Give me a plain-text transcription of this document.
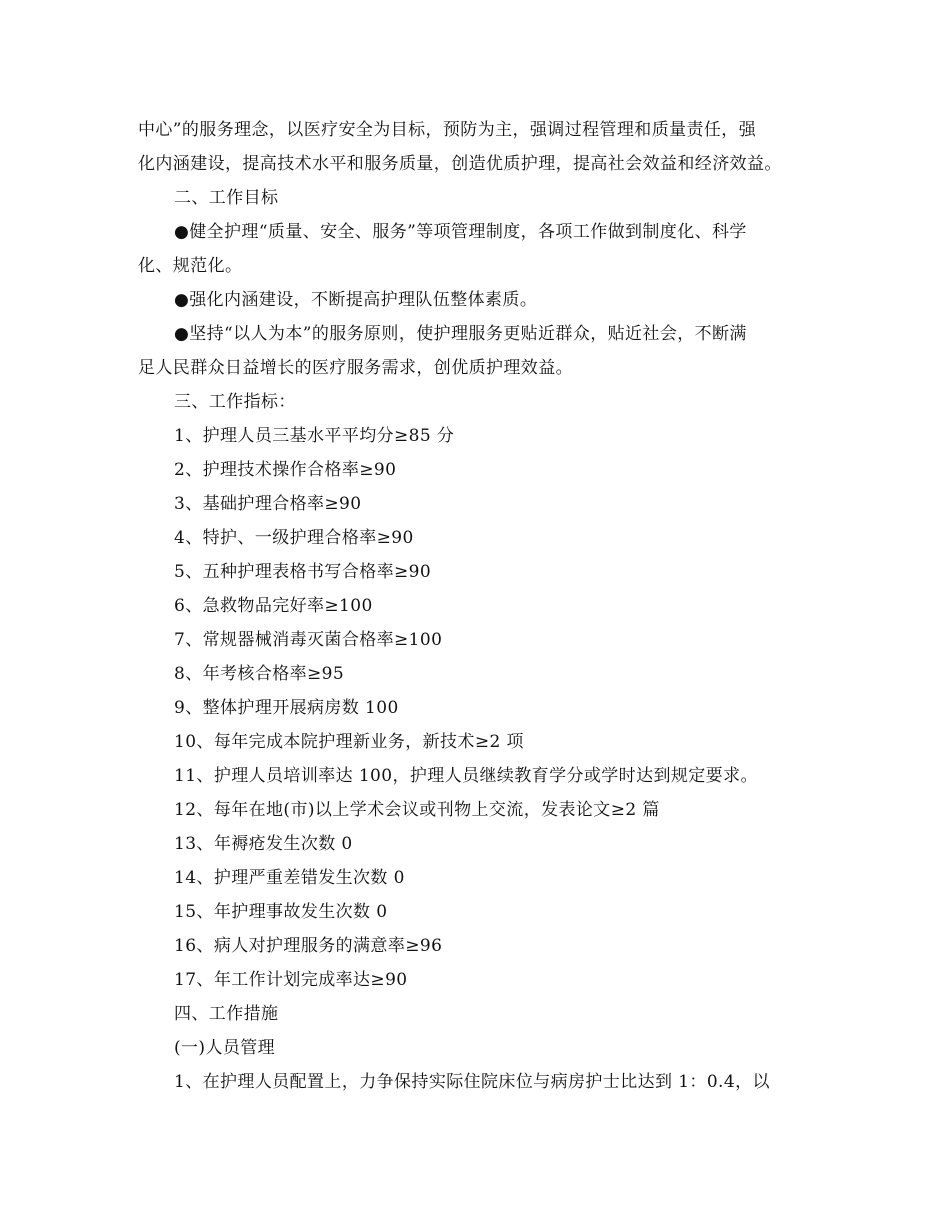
中心”的服务理念，以医疗安全为目标，预防为主，强调过程管理和质量责任，强
化内涵建设，提高技术水平和服务质量，创造优质护理，提高社会效益和经济效益。
二、工作目标
●健全护理“质量、安全、服务”等项管理制度，各项工作做到制度化、科学
化、规范化。
●强化内涵建设，不断提高护理队伍整体素质。
●坚持“以人为本”的服务原则，使护理服务更贴近群众，贴近社会，不断满
足人民群众日益增长的医疗服务需求，创优质护理效益。
三、工作指标：
1、护理人员三基水平平均分≥85 分
2、护理技术操作合格率≥90
3、基础护理合格率≥90
4、特护、一级护理合格率≥90
5、五种护理表格书写合格率≥90
6、急救物品完好率≥100
7、常规器械消毒灭菌合格率≥100
8、年考核合格率≥95
9、整体护理开展病房数 100
10、每年完成本院护理新业务，新技术≥2 项
11、护理人员培训率达 100，护理人员继续教育学分或学时达到规定要求。
12、每年在地(市)以上学术会议或刊物上交流，发表论文≥2 篇
13、年褥疮发生次数 0
14、护理严重差错发生次数 0
15、年护理事故发生次数 0
16、病人对护理服务的满意率≥96
17、年工作计划完成率达≥90
四、工作措施
(一)人员管理
1、在护理人员配置上，力争保持实际住院床位与病房护士比达到 1：0.4，以
